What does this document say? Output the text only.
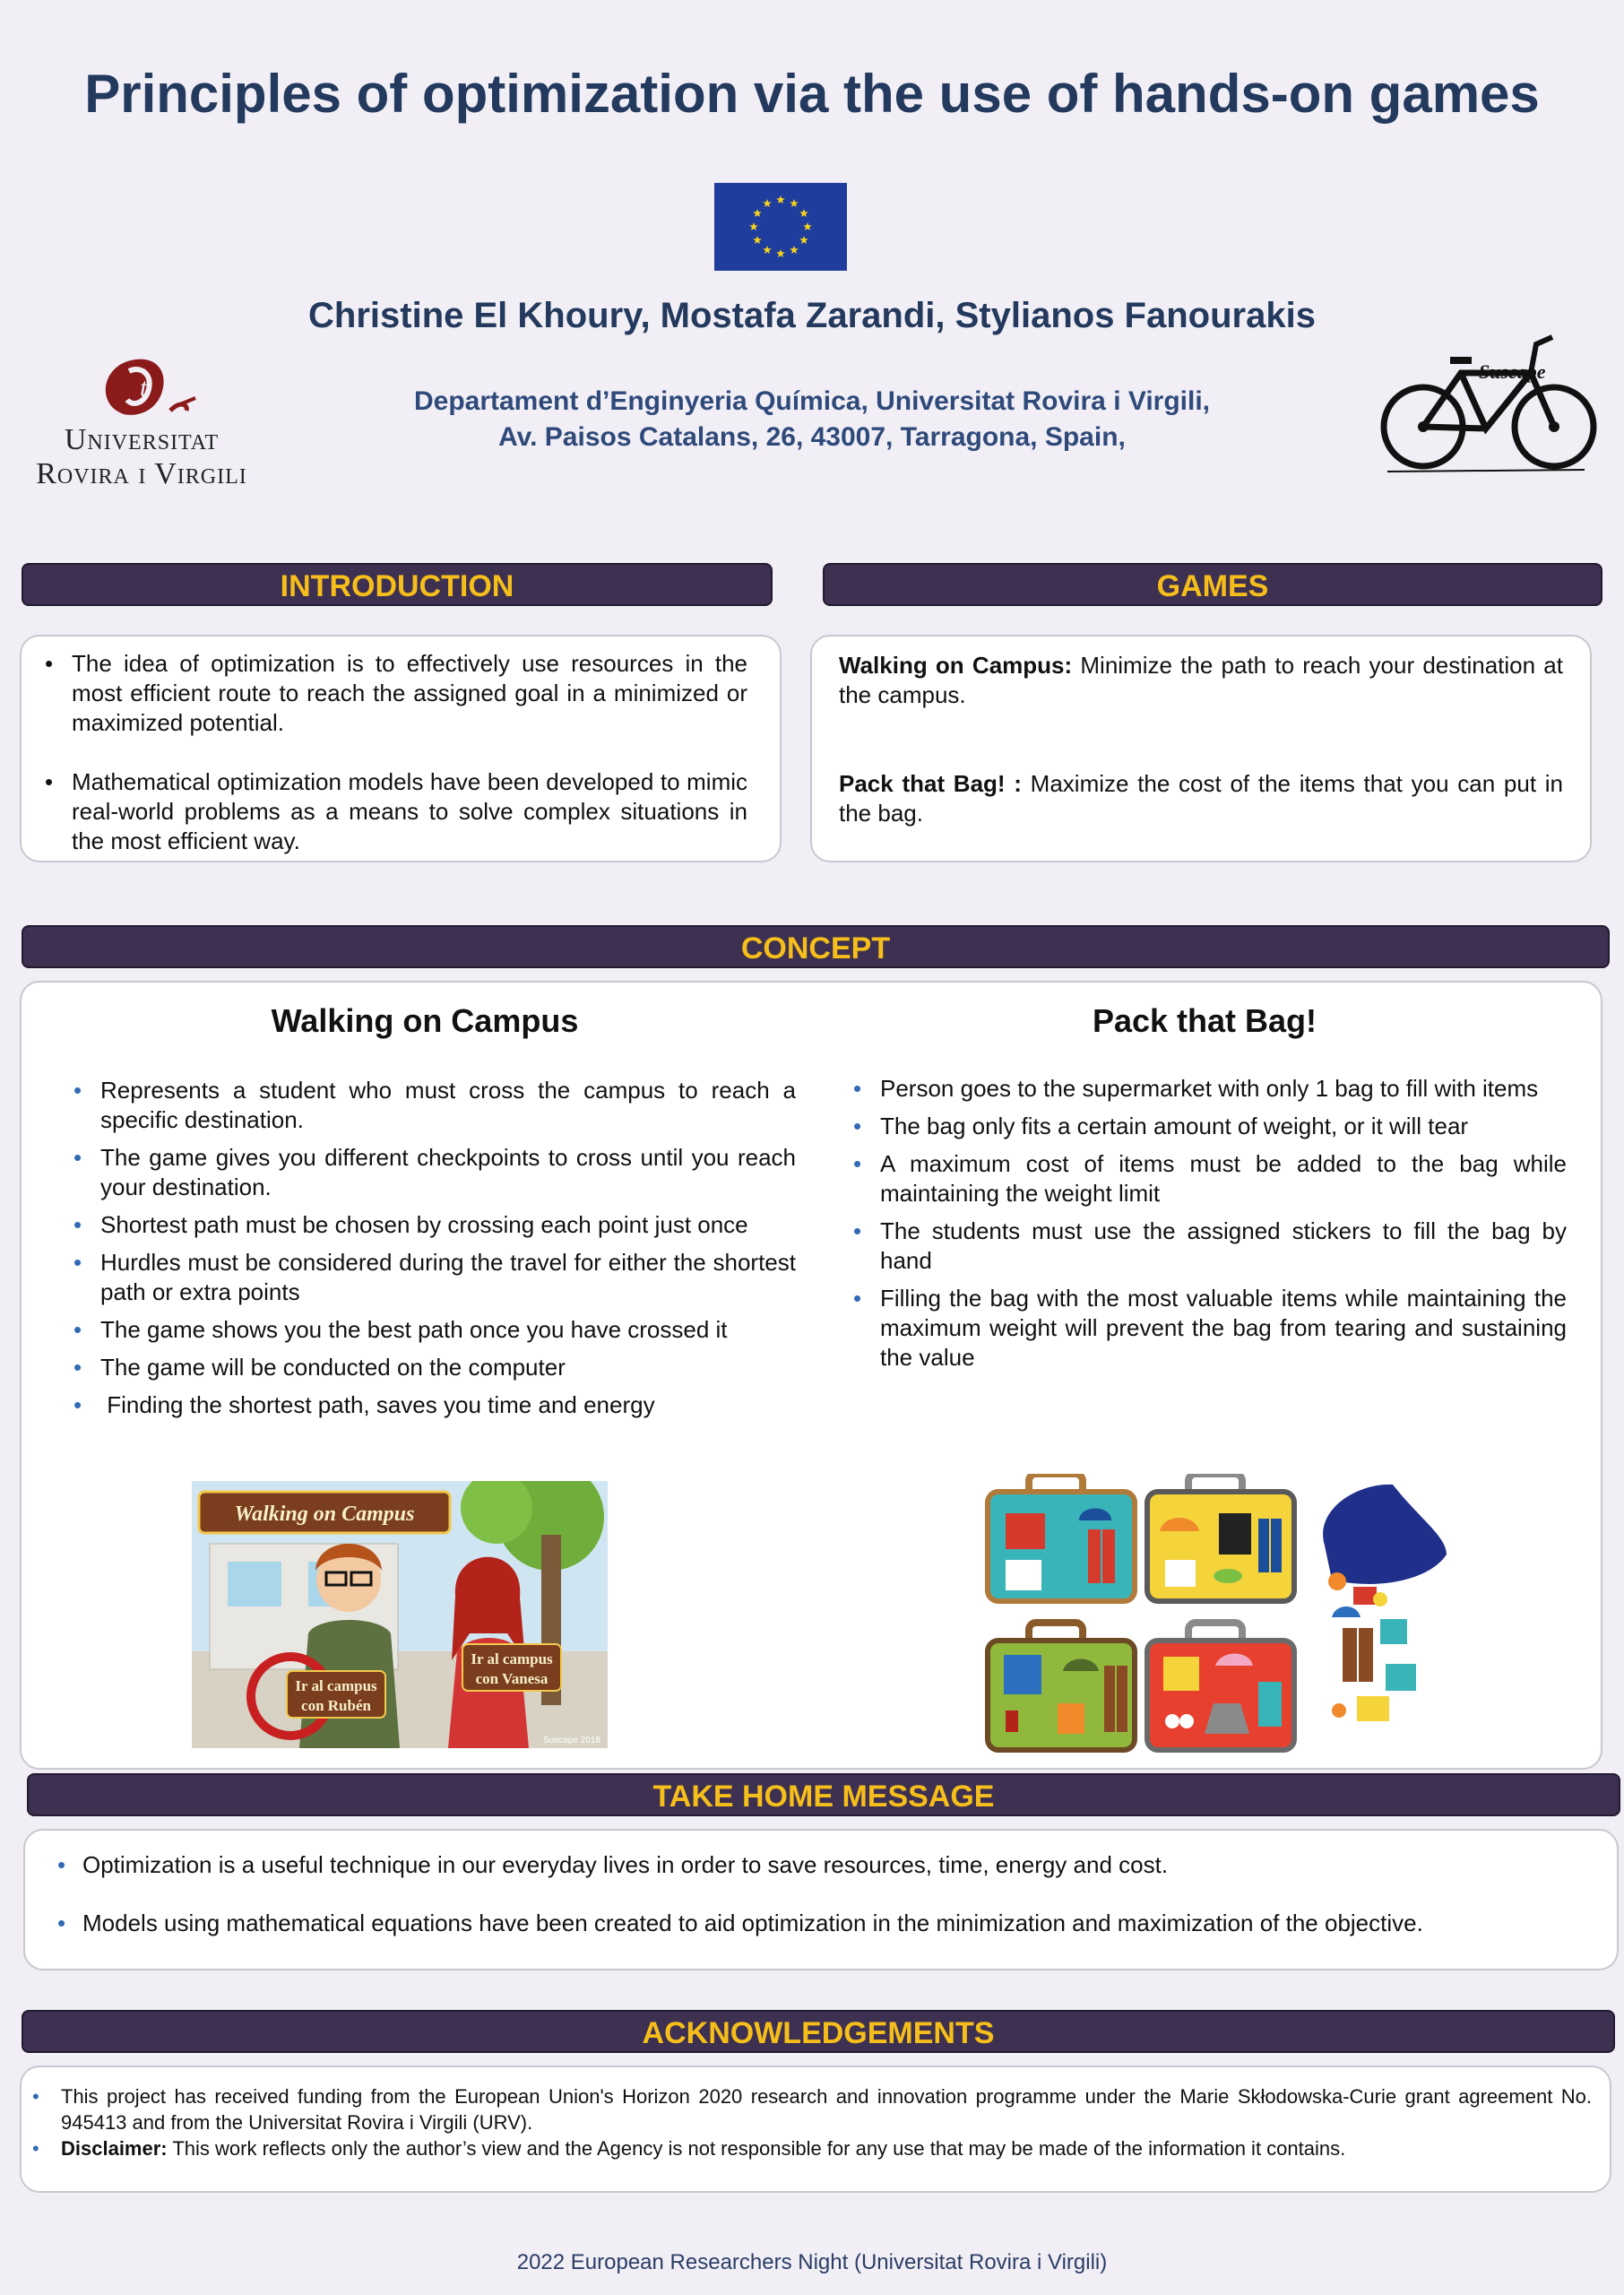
Principles of optimization via the use of hands-on games
Christine El Khoury, Mostafa Zarandi, Stylianos Fanourakis
Departament d’Enginyeria Química, Universitat Rovira i Virgili,
Av. Paisos Catalans, 26, 43007, Tarragona, Spain,
t
Universitat
Rovira i Virgili
Suscape
INTRODUCTION
• The idea of optimization is to effectively use resources in the most efficient route to reach the assigned goal in a minimized or maximized potential.
• Mathematical optimization models have been developed to mimic real-world problems as a means to solve complex situations in the most efficient way.
GAMES

Walking on Campus: Minimize the path to reach your destination at the campus.

Pack that Bag! : Maximize the cost of the items that you can put in the bag.

CONCEPT
Walking on Campus
• Represents a student who must cross the campus to reach a specific destination.
• The game gives you different checkpoints to cross until you reach your destination.
• Shortest path must be chosen by crossing each point just once
• Hurdles must be considered during the travel for either the shortest path or extra points
• The game shows you the best path once you have crossed it
• The game will be conducted on the computer
• Finding the shortest path, saves you time and energy
Pack that Bag!
• Person goes to the supermarket with only 1 bag to fill with items
• The bag only fits a certain amount of weight, or it will tear
• A maximum cost of items must be added to the bag while maintaining the weight limit
• The students must use the assigned stickers to fill the bag by hand
• Filling the bag with the most valuable items while maintaining the maximum weight will prevent the bag from tearing and sustaining the value
Walking on Campus
Ir al campus
con Rubén
Ir al campus
con Vanesa
Suscape 2018
TAKE HOME MESSAGE
• Optimization is a useful technique in our everyday lives in order to save resources, time, energy and cost.
• Models using mathematical equations have been created to aid optimization in the minimization and maximization of the objective.
ACKNOWLEDGEMENTS
• This project has received funding from the European Union's Horizon 2020 research and innovation programme under the Marie Skłodowska-Curie grant agreement No. 945413 and from the Universitat Rovira i Virgili (URV).
• Disclaimer: This work reflects only the author’s view and the Agency is not responsible for any use that may be made of the information it contains.
2022 European Researchers Night (Universitat Rovira i Virgili)
